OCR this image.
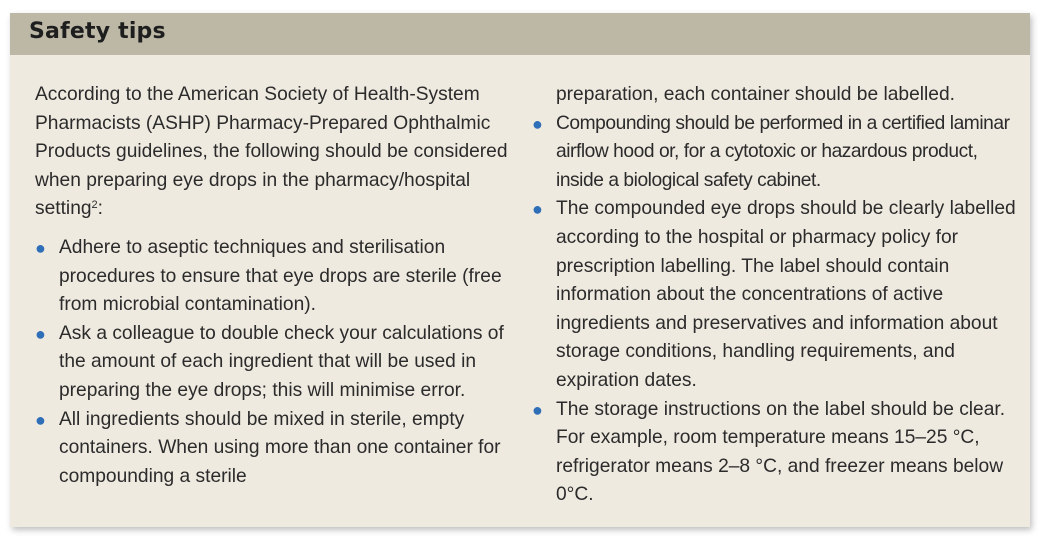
Safety tips

According to the American Society of Health-System Pharmacists (ASHP) Pharmacy-Prepared Ophthalmic Products guidelines, the following should be considered when preparing eye drops in the pharmacy/hospital setting$^2$:

● Adhere to aseptic techniques and sterilisation procedures to ensure that eye drops are sterile (free from microbial contamination).
● Ask a colleague to double check your calculations of the amount of each ingredient that will be used in preparing the eye drops; this will minimise error.
● All ingredients should be mixed in sterile, empty containers. When using more than one container for compounding a sterile

preparation, each container should be labelled.

● Compounding should be performed in a certified laminar airflow hood or, for a cytotoxic or hazardous product, inside a biological safety cabinet.
● The compounded eye drops should be clearly labelled according to the hospital or pharmacy policy for prescription labelling. The label should contain information about the concentrations of active ingredients and preservatives and information about storage conditions, handling requirements, and expiration dates.
● The storage instructions on the label should be clear. For example, room temperature means 15–25 °C, refrigerator means 2–8 °C, and freezer means below 0°C.
